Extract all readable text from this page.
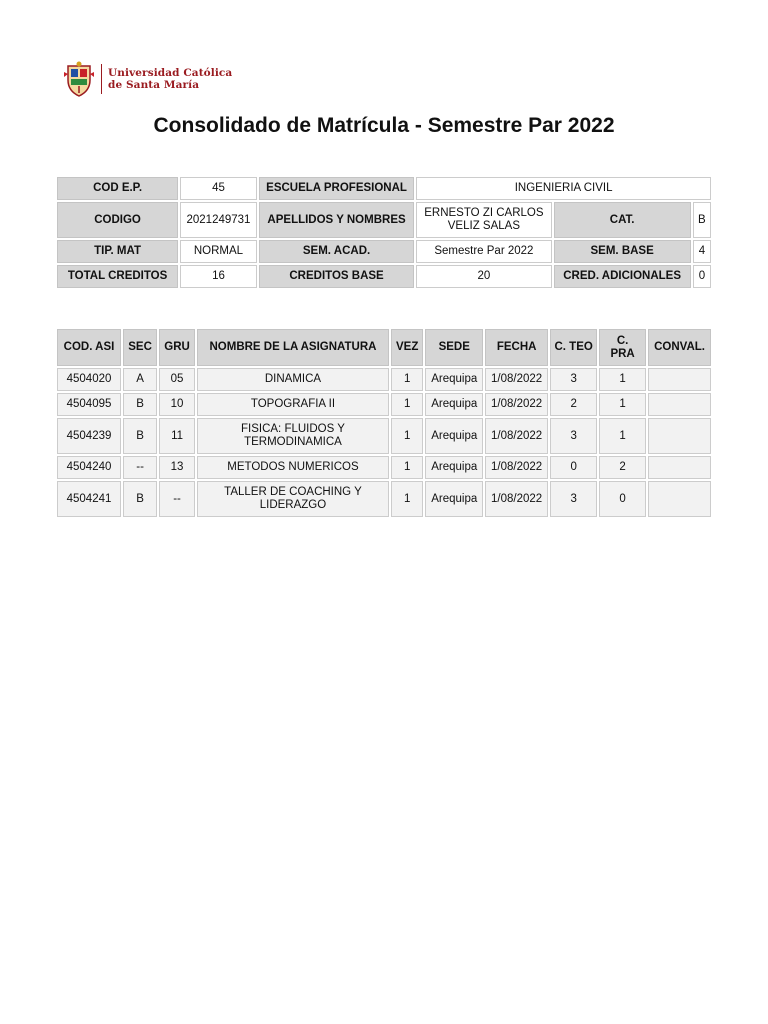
Universidad Católica
de Santa María
Consolidado de Matrícula - Semestre Par 2022
COD E.P.	45	ESCUELA PROFESIONAL	INGENIERIA CIVIL		
CODIGO	2021249731	APELLIDOS Y NOMBRES	ERNESTO ZI CARLOS VELIZ SALAS	CAT.	B
TIP. MAT	NORMAL	SEM. ACAD.	Semestre Par 2022	SEM. BASE	4
TOTAL CREDITOS	16	CREDITOS BASE	20	CRED. ADICIONALES	0
COD. ASI	SEC	GRU	NOMBRE DE LA ASIGNATURA	VEZ	SEDE	FECHA	C. TEO	C. PRA	CONVAL.
4504020	A	05	DINAMICA	1	Arequipa	1/08/2022	3	1	
4504095	B	10	TOPOGRAFIA II	1	Arequipa	1/08/2022	2	1	
4504239	B	11	FISICA: FLUIDOS Y TERMODINAMICA	1	Arequipa	1/08/2022	3	1	
4504240	--	13	METODOS NUMERICOS	1	Arequipa	1/08/2022	0	2	
4504241	B	--	TALLER DE COACHING Y LIDERAZGO	1	Arequipa	1/08/2022	3	0	
